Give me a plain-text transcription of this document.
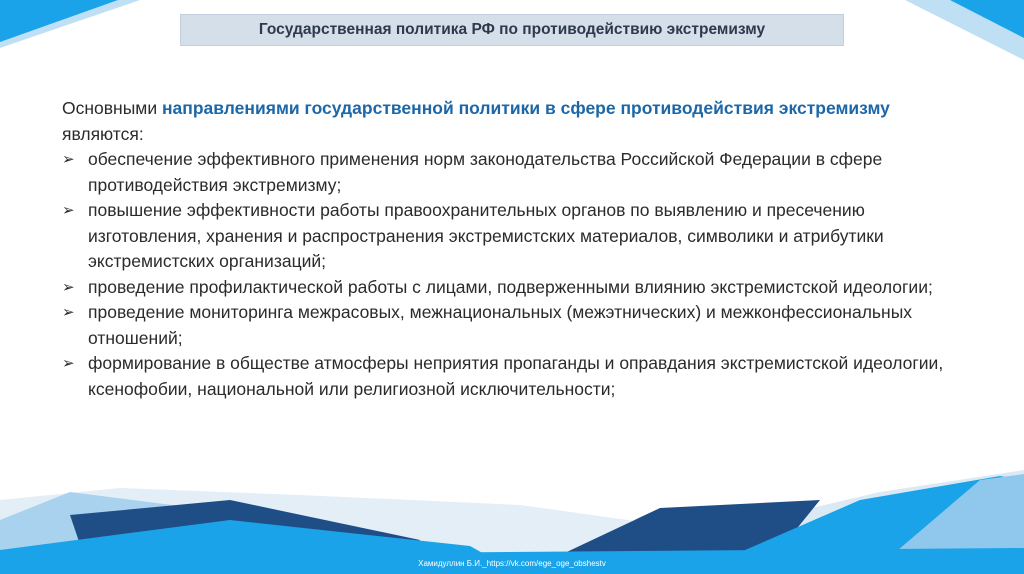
Государственная политика РФ по противодействию экстремизму

Основными направлениями государственной политики в сфере противодействия экстремизму являются:

➢ обеспечение эффективного применения норм законодательства Российской Федерации в сфере противодействия экстремизму;
➢ повышение эффективности работы правоохранительных органов по выявлению и пресечению изготовления, хранения и распространения экстремистских материалов, символики и атрибутики экстремистских организаций;
➢ проведение профилактической работы с лицами, подверженными влиянию экстремистской идеологии;
➢ проведение мониторинга межрасовых, межнациональных (межэтнических) и межконфессиональных отношений;
➢ формирование в обществе атмосферы неприятия пропаганды и оправдания экстремистской идеологии, ксенофобии, национальной или религиозной исключительности;
Хамидуллин Б.И._https://vk.com/ege_oge_obshestv
